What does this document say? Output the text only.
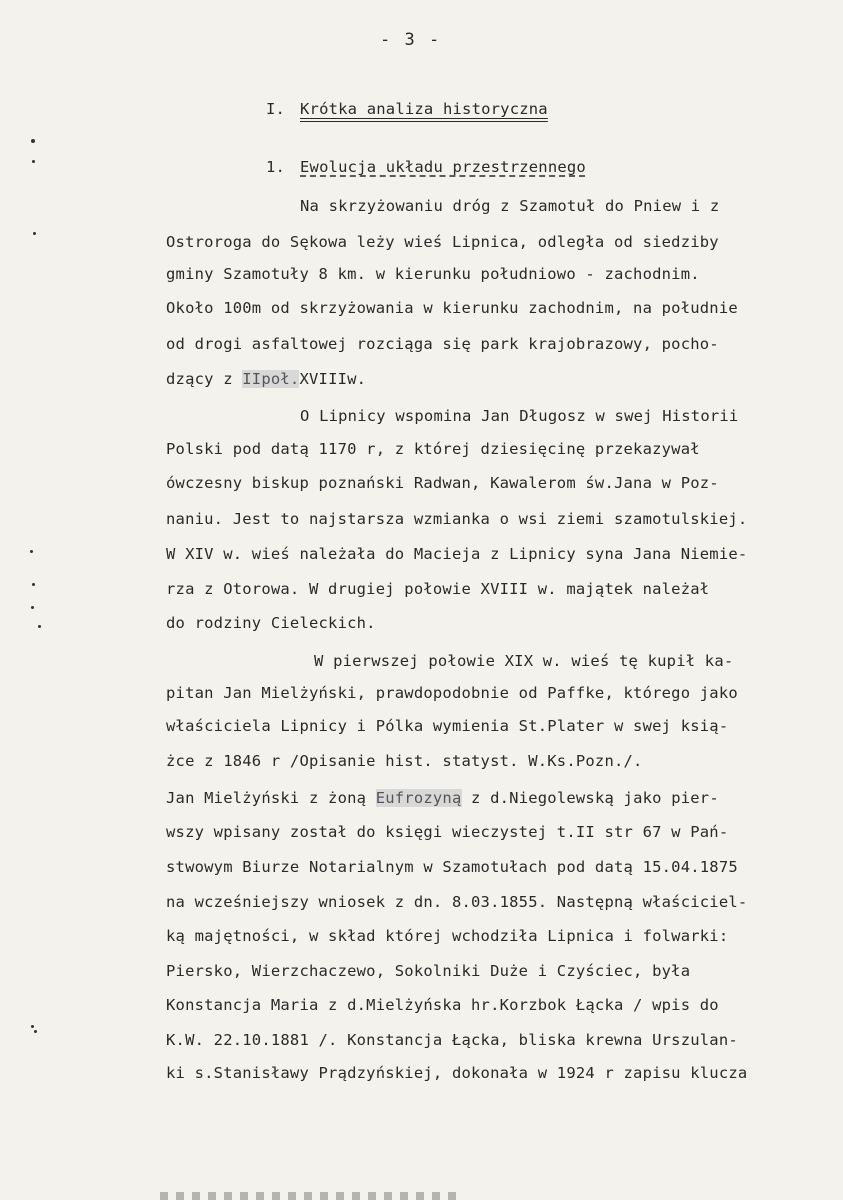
- 3 -
I. Krótka analiza historyczna
1. Ewolucja układu przestrzennego
Na skrzyżowaniu dróg z Szamotuł do Pniew i z
Ostroroga do Sękowa leży wieś Lipnica, odległa od siedziby
gminy Szamotuły 8 km. w kierunku południowo - zachodnim.
Około 100m od skrzyżowania w kierunku zachodnim, na południe
od drogi asfaltowej rozciąga się park krajobrazowy, pocho-
dzący z IIpoł.XVIIIw.
O Lipnicy wspomina Jan Długosz w swej Historii
Polski pod datą 1170 r, z której dziesięcinę przekazywał
ówczesny biskup poznański Radwan, Kawalerom św.Jana w Poz-
naniu. Jest to najstarsza wzmianka o wsi ziemi szamotulskiej.
W XIV w. wieś należała do Macieja z Lipnicy syna Jana Niemie-
rza z Otorowa. W drugiej połowie XVIII w. majątek należał
do rodziny Cieleckich.
W pierwszej połowie XIX w. wieś tę kupił ka-
pitan Jan Mielżyński, prawdopodobnie od Paffke, którego jako
właściciela Lipnicy i Pólka wymienia St.Plater w swej ksią-
żce z 1846 r /Opisanie hist. statyst. W.Ks.Pozn./.
Jan Mielżyński z żoną Eufrozyną z d.Niegolewską jako pier-
wszy wpisany został do księgi wieczystej t.II str 67 w Pań-
stwowym Biurze Notarialnym w Szamotułach pod datą 15.04.1875
na wcześniejszy wniosek z dn. 8.03.1855. Następną właściciel-
ką majętności, w skład której wchodziła Lipnica i folwarki:
Piersko, Wierzchaczewo, Sokolniki Duże i Czyściec, była
Konstancja Maria z d.Mielżyńska hr.Korzbok Łącka / wpis do
K.W. 22.10.1881 /. Konstancja Łącka, bliska krewna Urszulan-
ki s.Stanisławy Prądzyńskiej, dokonała w 1924 r zapisu klucza
